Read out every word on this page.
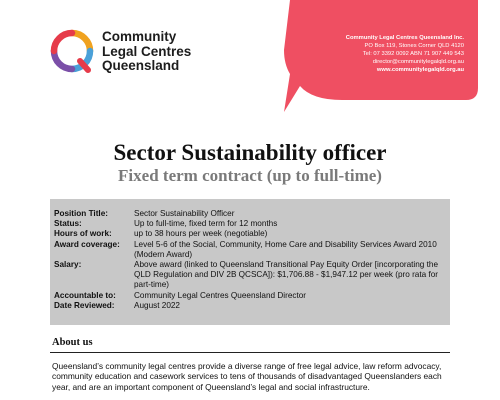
Community
Legal Centres
Queensland
Community Legal Centres Queensland Inc.
PO Box 119, Stones Corner QLD 4120
Tel: 07 3392 0092 ABN 71 907 449 543
director@communitylegalqld.org.au
www.communitylegalqld.org.au
Sector Sustainability officer
Fixed term contract (up to full-time)
Position Title:	Sector Sustainability Officer
Status:	Up to full-time, fixed term for 12 months
Hours of work:	up to 38 hours per week (negotiable)
Award coverage:	Level 5-6 of the Social, Community, Home Care and Disability Services Award 2010 (Modern Award)
Salary:	Above award (linked to Queensland Transitional Pay Equity Order [incorporating the QLD Regulation and DIV 2B QCSCA]): $1,706.88 - $1,947.12 per week (pro rata for part-time)
Accountable to:	Community Legal Centres Queensland Director
Date Reviewed:	August 2022
About us
Queensland’s community legal centres provide a diverse range of free legal advice, law reform advocacy, community education and casework services to tens of thousands of disadvantaged Queenslanders each year, and are an important component of Queensland’s legal and social infrastructure.
